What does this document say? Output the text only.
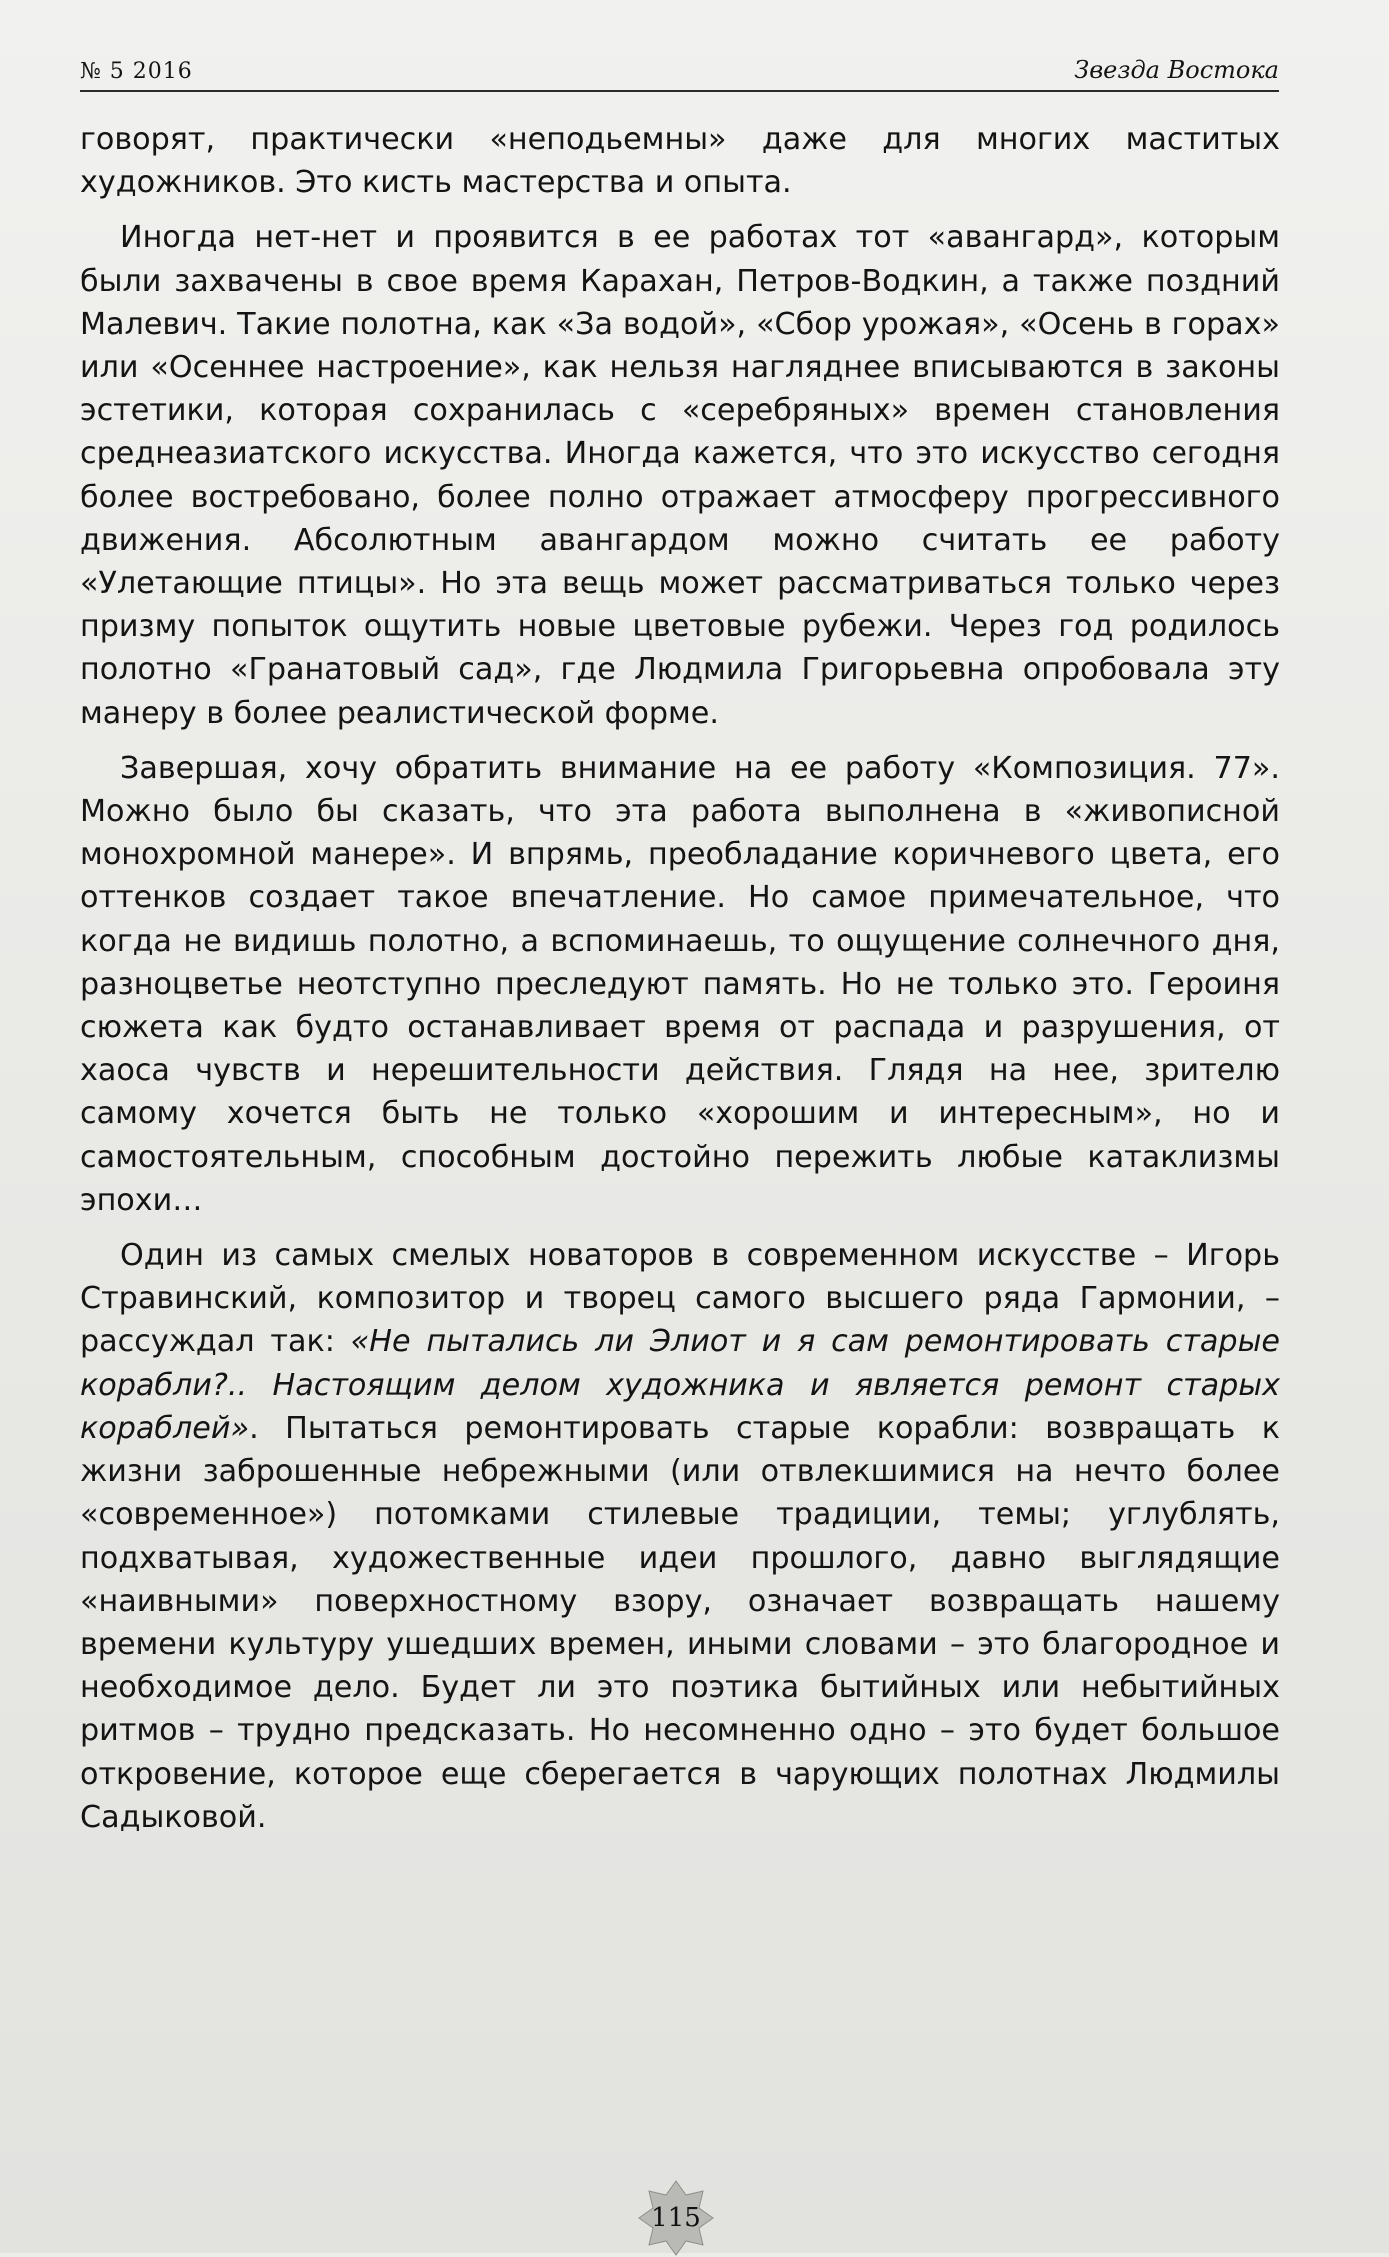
№ 5 2016	Звезда Востока

говорят, практически «неподьемны» даже для многих маститых художников. Это кисть мастерства и опыта.

Иногда нет-нет и проявится в ее работах тот «авангард», которым были захвачены в свое время Карахан, Петров-Водкин, а также поздний Малевич. Такие полотна, как «За водой», «Сбор урожая», «Осень в горах» или «Осеннее настроение», как нельзя нагляднее вписываются в законы эстетики, которая сохранилась с «серебряных» времен становления среднеазиатского искусства. Иногда кажется, что это искусство сегодня более востребовано, более полно отражает атмосферу прогрессивного движения. Абсолютным авангардом можно считать ее работу «Улетающие птицы». Но эта вещь может рассматриваться только через призму попыток ощутить новые цветовые рубежи. Через год родилось полотно «Гранатовый сад», где Людмила Григорьевна опробовала эту манеру в более реалистической форме.

Завершая, хочу обратить внимание на ее работу «Композиция. 77». Можно было бы сказать, что эта работа выполнена в «живописной монохромной манере». И впрямь, преобладание коричневого цвета, его оттенков создает такое впечатление. Но самое примечательное, что когда не видишь полотно, а вспоминаешь, то ощущение солнечного дня, разноцветье неотступно преследуют память. Но не только это. Героиня сюжета как будто останавливает время от распада и разрушения, от хаоса чувств и нерешительности действия. Глядя на нее, зрителю самому хочется быть не только «хорошим и интересным», но и самостоятельным, способным достойно пережить любые катаклизмы эпохи…

Один из самых смелых новаторов в современном искусстве – Игорь Стравинский, композитор и творец самого высшего ряда Гармонии, – рассуждал так: «Не пытались ли Элиот и я сам ремонтировать старые корабли?.. Настоящим делом художника и является ремонт старых кораблей». Пытаться ремонтировать старые корабли: возвращать к жизни заброшенные небрежными (или отвлекшимися на нечто более «современное») потомками стилевые традиции, темы; углублять, подхватывая, художественные идеи прошлого, давно выглядящие «наивными» поверхностному взору, означает возвращать нашему времени культуру ушедших времен, иными словами – это благородное и необходимое дело. Будет ли это поэтика бытийных или небытийных ритмов – трудно предсказать. Но несомненно одно – это будет большое откровение, которое еще сберегается в чарующих полотнах Людмилы Садыковой.

115
